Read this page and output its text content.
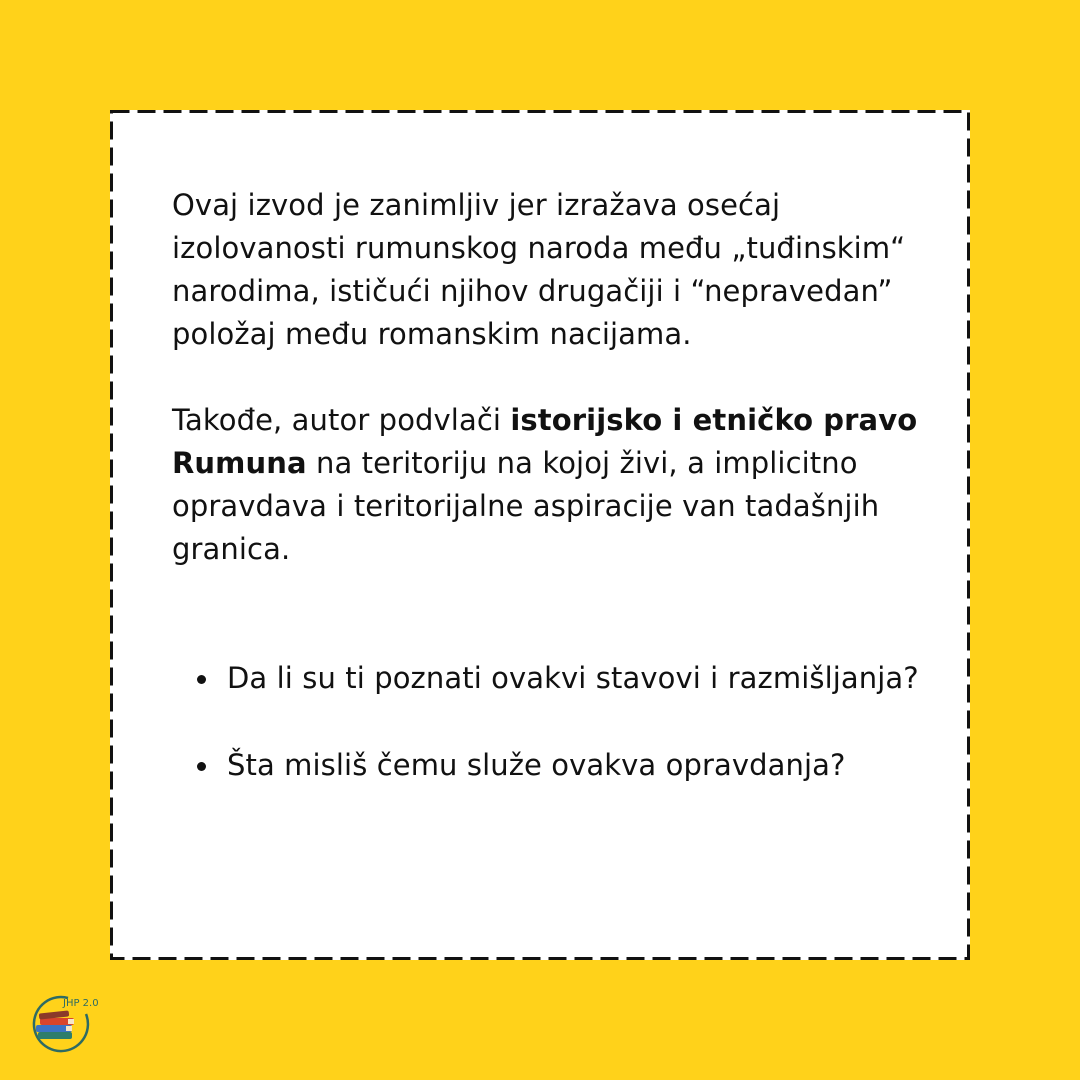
Ovaj izvod je zanimljiv jer izražava osećaj izolovanosti rumunskog naroda među „tuđinskim“ narodima, ističući njihov drugačiji i “nepravedan” položaj među romanskim nacijama.

Takođe, autor podvlači istorijsko i etničko pravo Rumuna na teritoriju na kojoj živi, a implicitno opravdava i teritorijalne aspiracije van tadašnjih granica.

Da li su ti poznati ovakvi stavovi i razmišljanja?
Šta misliš čemu služe ovakva opravdanja?
JHP 2.0
